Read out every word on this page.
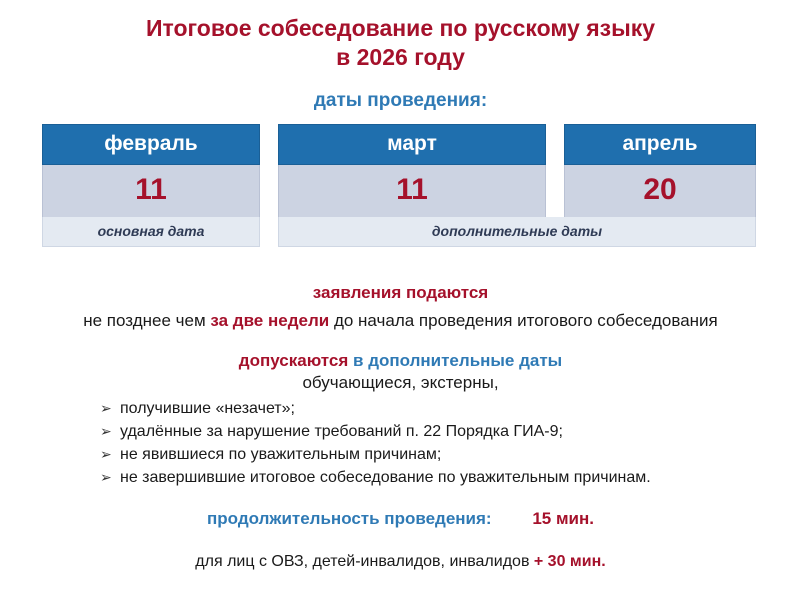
Итоговое собеседование по русскому языку
в 2026 году
даты проведения:
февраль
11
март
11
апрель
20
основная дата	дополнительные даты
заявления подаются
не позднее чем за две недели до начала проведения итогового собеседования
допускаются в дополнительные даты
обучающиеся, экстерны,
➢ получившие «незачет»;
➢ удалённые за нарушение требований п. 22 Порядка ГИА-9;
➢ не явившиеся по уважительным причинам;
➢ не завершившие итоговое собеседование по уважительным причинам.
продолжительность проведения: 15 мин.
для лиц с ОВЗ, детей-инвалидов, инвалидов + 30 мин.
